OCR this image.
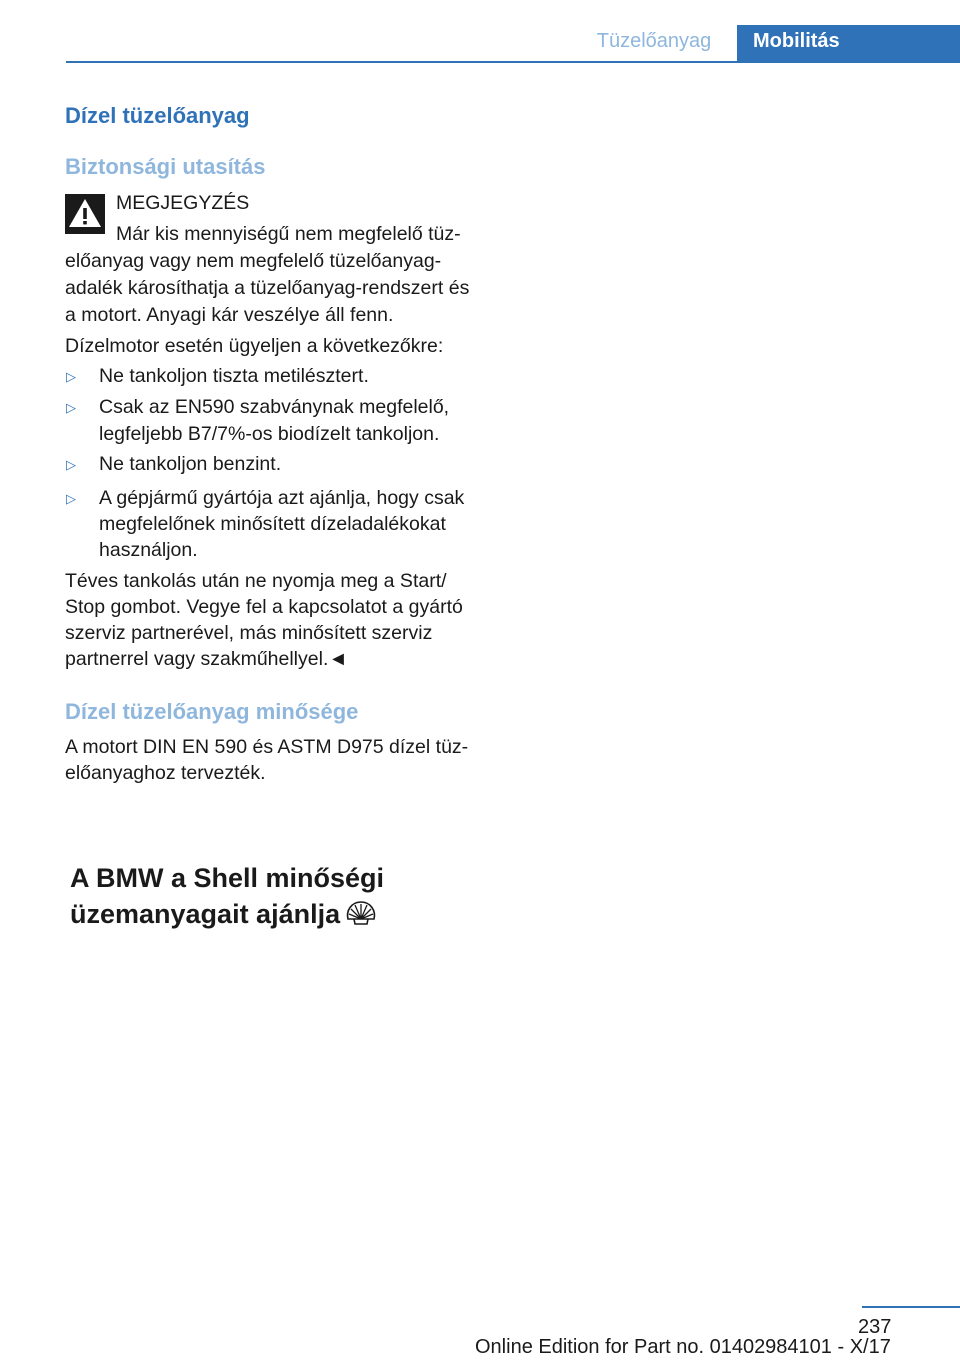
Tüzelőanyag	Mobilitás
Dízel tüzelőanyag
Biztonsági utasítás
MEGJEGYZÉS
Már kis mennyiségű nem megfelelő tüz-
előanyag vagy nem megfelelő tüzelőanyag-
adalék károsíthatja a tüzelőanyag-rendszert és
a motort. Anyagi kár veszélye áll fenn.
Dízelmotor esetén ügyeljen a következőkre:
▷ Ne tankoljon tiszta metilésztert.
▷ Csak az EN590 szabványnak megfelelő,
legfeljebb B7/7%-os biodízelt tankoljon.
▷ Ne tankoljon benzint.
▷ A gépjármű gyártója azt ajánlja, hogy csak
megfelelőnek minősített dízeladalékokat
használjon.
Téves tankolás után ne nyomja meg a Start/
Stop gombot. Vegye fel a kapcsolatot a gyártó
szerviz partnerével, más minősített szerviz
partnerrel vagy szakműhellyel.◄
Dízel tüzelőanyag minősége
A motort DIN EN 590 és ASTM D975 dízel tüz-
előanyaghoz tervezték.
A BMW a Shell minőségi
üzemanyagait ajánlja
237
Online Edition for Part no. 01402984101 - X/17
